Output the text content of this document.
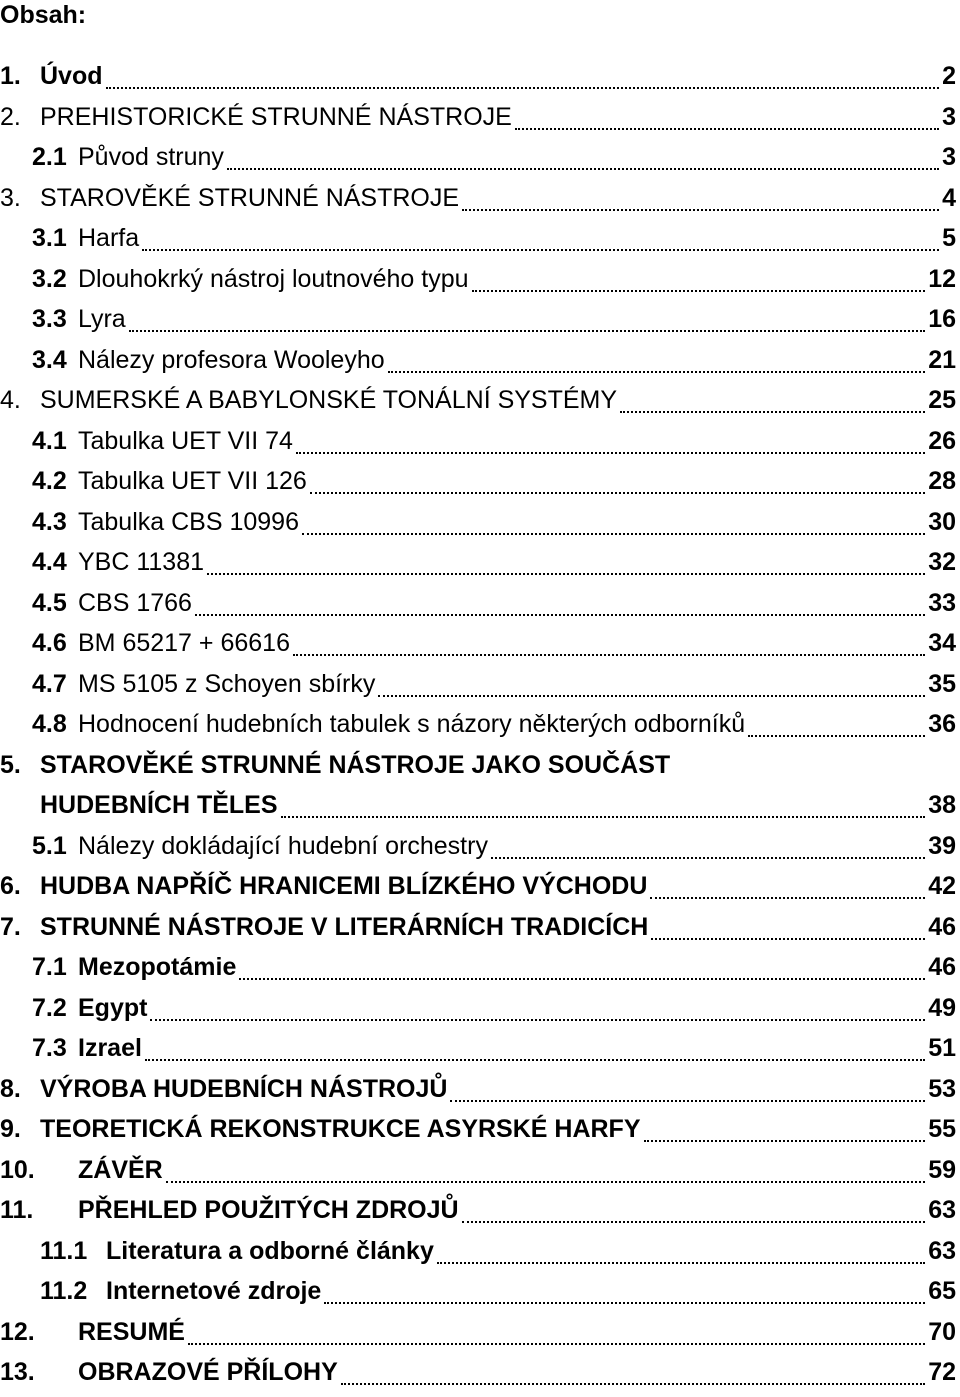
Obsah:
1. Úvod	2
2. PREHISTORICKÉ STRUNNÉ NÁSTROJE	3
2.1 Původ struny	3
3. STAROVĚKÉ STRUNNÉ NÁSTROJE	4
3.1 Harfa	5
3.2 Dlouhokrký nástroj loutnového typu	12
3.3 Lyra	16
3.4 Nálezy profesora Wooleyho	21
4. SUMERSKÉ A BABYLONSKÉ TONÁLNÍ SYSTÉMY	25
4.1 Tabulka UET VII 74	26
4.2 Tabulka UET VII 126	28
4.3 Tabulka CBS 10996	30
4.4 YBC 11381	32
4.5 CBS 1766	33
4.6 BM 65217 + 66616	34
4.7 MS 5105 z Schoyen sbírky	35
4.8 Hodnocení hudebních tabulek s názory některých odborníků	36
5. STAROVĚKÉ STRUNNÉ NÁSTROJE JAKO SOUČÁST
HUDEBNÍCH TĚLES	38
5.1 Nálezy dokládající hudební orchestry	39
6. HUDBA NAPŘÍČ HRANICEMI BLÍZKÉHO VÝCHODU	42
7. STRUNNÉ NÁSTROJE V LITERÁRNÍCH TRADICÍCH	46
7.1 Mezopotámie	46
7.2 Egypt	49
7.3 Izrael	51
8. VÝROBA HUDEBNÍCH NÁSTROJŮ	53
9. TEORETICKÁ REKONSTRUKCE ASYRSKÉ HARFY	55
10.	ZÁVĚR	59
11.	PŘEHLED POUŽITÝCH ZDROJŮ	63
11.1 Literatura a odborné články	63
11.2 Internetové zdroje	65
12.	RESUMÉ	70
13.	OBRAZOVÉ PŘÍLOHY	72
